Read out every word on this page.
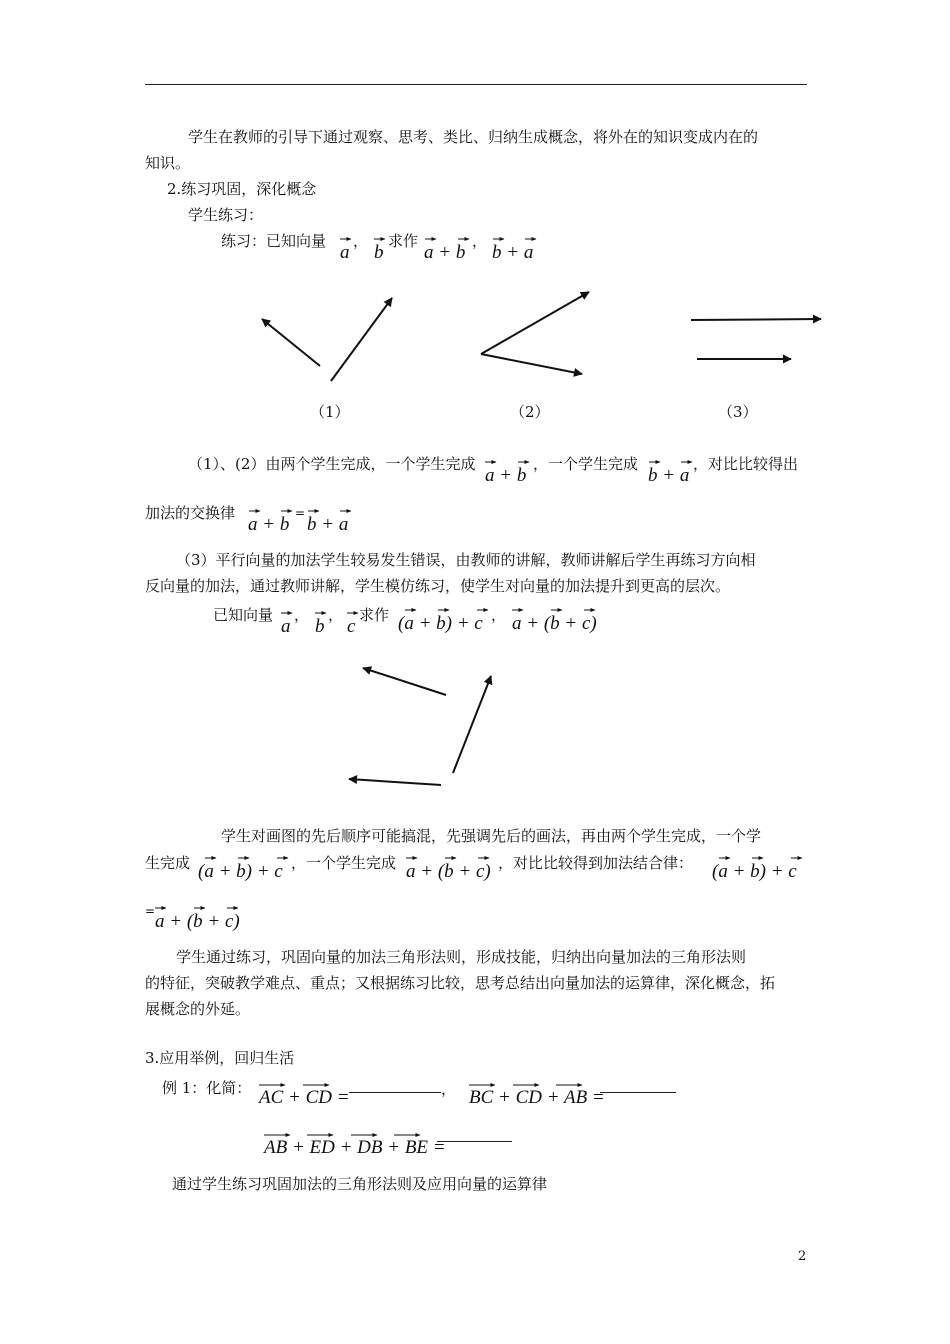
学生在教师的引导下通过观察、思考、类比、归纳生成概念，将外在的知识变成内在的
知识。
2.练习巩固，深化概念
学生练习：
练习：已知向量
a
，
b
求作
a + b
，
b + a
（1）	（2）	（3）
（1）、(2）由两个学生完成，一个学生完成
a + b
，一个学生完成
b + a
，对比比较得出
加法的交换律
a + b
=
b + a
（3）平行向量的加法学生较易发生错误，由教师的讲解，教师讲解后学生再练习方向相
反向量的加法，通过教师讲解，学生模仿练习，使学生对向量的加法提升到更高的层次。
已知向量
a
，
b
，
c
求作 (a + b) + c ， a + (b + c)
学生对画图的先后顺序可能搞混，先强调先后的画法，再由两个学生完成，一个学
生完成 (a + b) + c ，一个学生完成 a + (b + c) ，对比比较得到加法结合律： (a + b) + c
= a + (b + c)
学生通过练习，巩固向量的加法三角形法则，形成技能，归纳出向量加法的三角形法则
的特征，突破教学难点、重点；又根据练习比较，思考总结出向量加法的运算律，深化概念，拓
展概念的外延。
3.应用举例，回归生活
例 1：化简： AC + CD =	， BC + CD + AB =
AB + ED + DB + BE =
通过学生练习巩固加法的三角形法则及应用向量的运算律
2
